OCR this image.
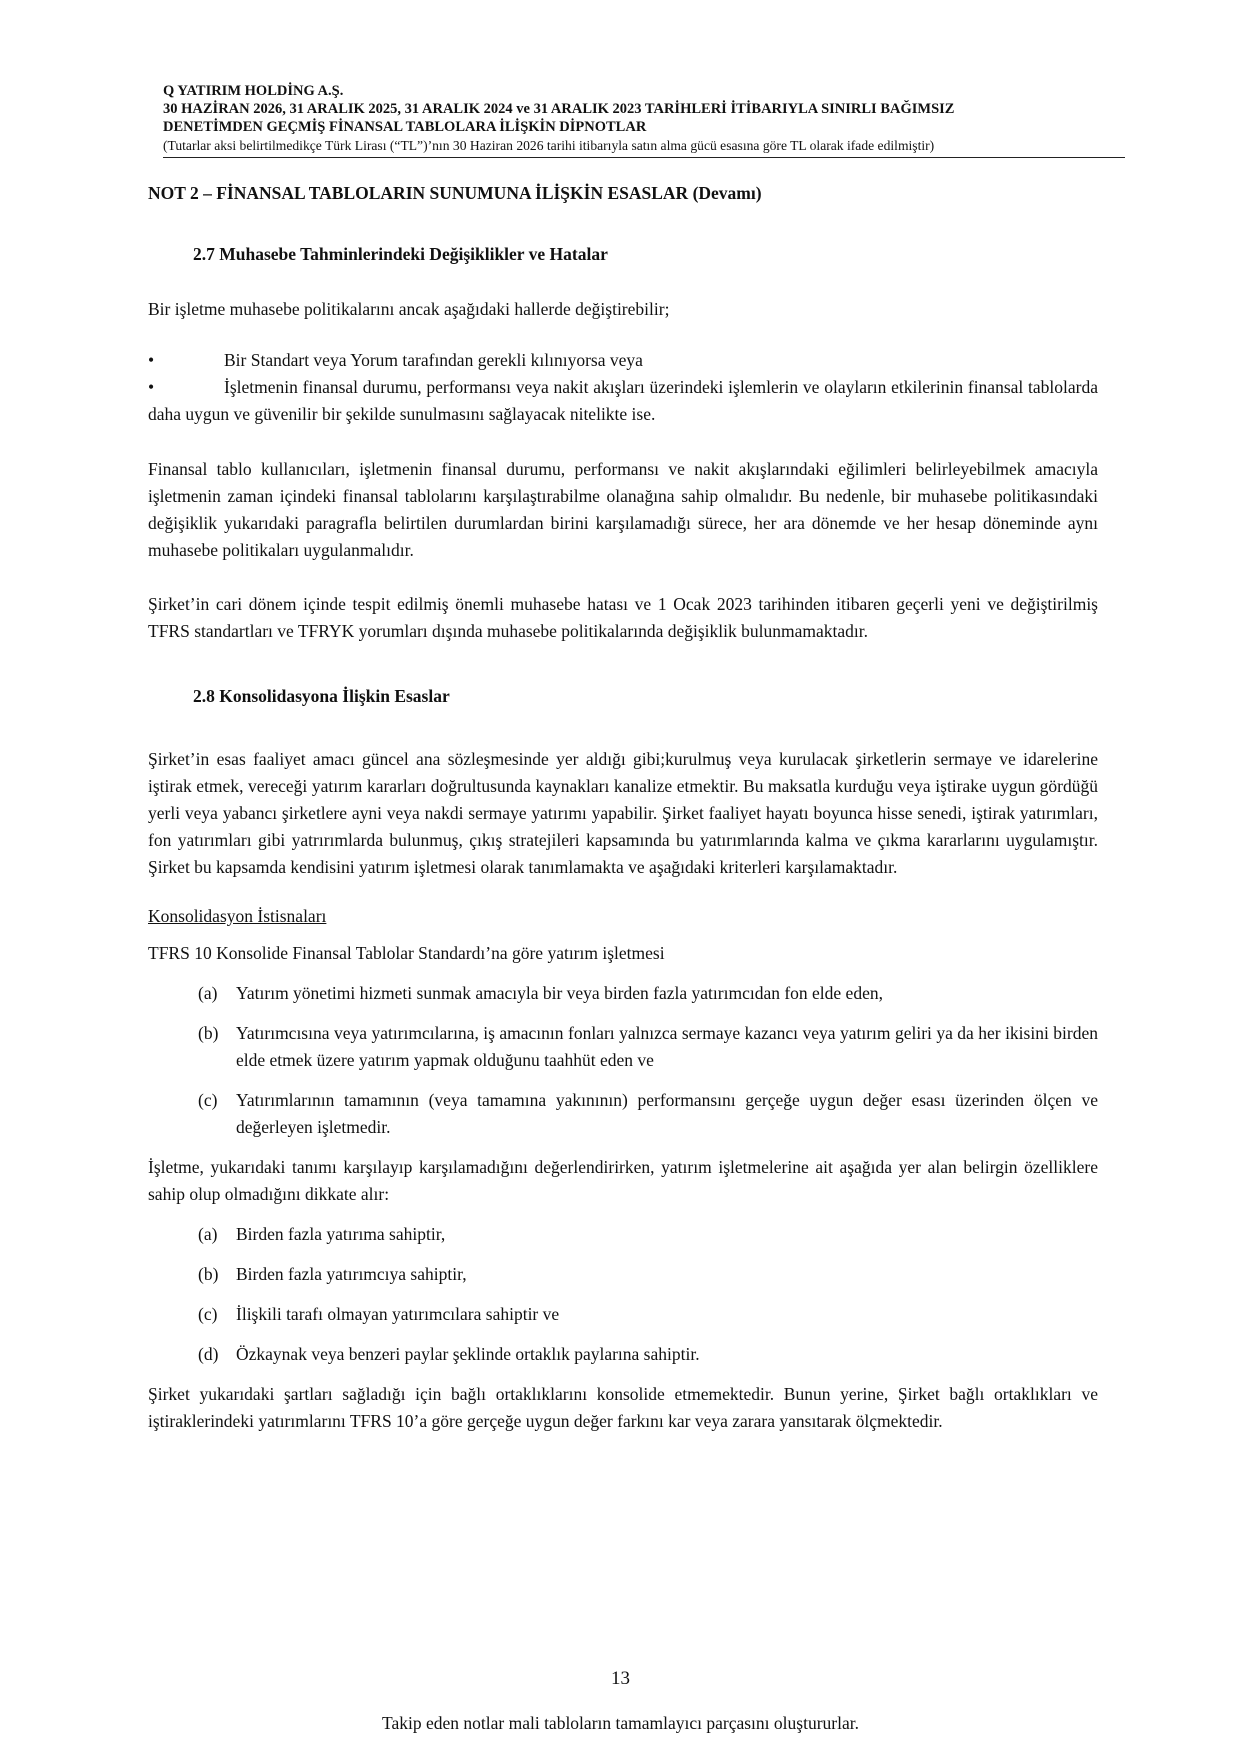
Q YATIRIM HOLDİNG A.Ş.
30 HAZİRAN 2026, 31 ARALIK 2025, 31 ARALIK 2024 ve 31 ARALIK 2023 TARİHLERİ İTİBARIYLA SINIRLI BAĞIMSIZ
DENETİMDEN GEÇMİŞ FİNANSAL TABLOLARA İLİŞKİN DİPNOTLAR
(Tutarlar aksi belirtilmedikçe Türk Lirası (“TL”)’nın 30 Haziran 2026 tarihi itibarıyla satın alma gücü esasına göre TL olarak ifade edilmiştir)
NOT 2 – FİNANSAL TABLOLARIN SUNUMUNA İLİŞKİN ESASLAR (Devamı)
2.7 Muhasebe Tahminlerindeki Değişiklikler ve Hatalar
Bir işletme muhasebe politikalarını ancak aşağıdaki hallerde değiştirebilir;
•	Bir Standart veya Yorum tarafından gerekli kılınıyorsa veya
•	İşletmenin finansal durumu, performansı veya nakit akışları üzerindeki işlemlerin ve olayların etkilerinin finansal tablolarda daha uygun ve güvenilir bir şekilde sunulmasını sağlayacak nitelikte ise.
Finansal tablo kullanıcıları, işletmenin finansal durumu, performansı ve nakit akışlarındaki eğilimleri belirleyebilmek amacıyla işletmenin zaman içindeki finansal tablolarını karşılaştırabilme olanağına sahip olmalıdır. Bu nedenle, bir muhasebe politikasındaki değişiklik yukarıdaki paragrafla belirtilen durumlardan birini karşılamadığı sürece, her ara dönemde ve her hesap döneminde aynı muhasebe politikaları uygulanmalıdır.
Şirket’in cari dönem içinde tespit edilmiş önemli muhasebe hatası ve 1 Ocak 2023 tarihinden itibaren geçerli yeni ve değiştirilmiş TFRS standartları ve TFRYK yorumları dışında muhasebe politikalarında değişiklik bulunmamaktadır.
2.8 Konsolidasyona İlişkin Esaslar
Şirket’in esas faaliyet amacı güncel ana sözleşmesinde yer aldığı gibi;kurulmuş veya kurulacak şirketlerin sermaye ve idarelerine iştirak etmek, vereceği yatırım kararları doğrultusunda kaynakları kanalize etmektir. Bu maksatla kurduğu veya iştirake uygun gördüğü yerli veya yabancı şirketlere ayni veya nakdi sermaye yatırımı yapabilir. Şirket faaliyet hayatı boyunca hisse senedi, iştirak yatırımları, fon yatırımları gibi yatrırımlarda bulunmuş, çıkış stratejileri kapsamında bu yatırımlarında kalma ve çıkma kararlarını uygulamıştır. Şirket bu kapsamda kendisini yatırım işletmesi olarak tanımlamakta ve aşağıdaki kriterleri karşılamaktadır.
Konsolidasyon İstisnaları
TFRS 10 Konsolide Finansal Tablolar Standardı’na göre yatırım işletmesi
(a) Yatırım yönetimi hizmeti sunmak amacıyla bir veya birden fazla yatırımcıdan fon elde eden,
(b) Yatırımcısına veya yatırımcılarına, iş amacının fonları yalnızca sermaye kazancı veya yatırım geliri ya da her ikisini birden elde etmek üzere yatırım yapmak olduğunu taahhüt eden ve
(c) Yatırımlarının tamamının (veya tamamına yakınının) performansını gerçeğe uygun değer esası üzerinden ölçen ve değerleyen işletmedir.
İşletme, yukarıdaki tanımı karşılayıp karşılamadığını değerlendirirken, yatırım işletmelerine ait aşağıda yer alan belirgin özelliklere sahip olup olmadığını dikkate alır:
(a) Birden fazla yatırıma sahiptir,
(b) Birden fazla yatırımcıya sahiptir,
(c) İlişkili tarafı olmayan yatırımcılara sahiptir ve
(d) Özkaynak veya benzeri paylar şeklinde ortaklık paylarına sahiptir.
Şirket yukarıdaki şartları sağladığı için bağlı ortaklıklarını konsolide etmemektedir. Bunun yerine, Şirket bağlı ortaklıkları ve iştiraklerindeki yatırımlarını TFRS 10’a göre gerçeğe uygun değer farkını kar veya zarara yansıtarak ölçmektedir.
13
Takip eden notlar mali tabloların tamamlayıcı parçasını oluştururlar.
